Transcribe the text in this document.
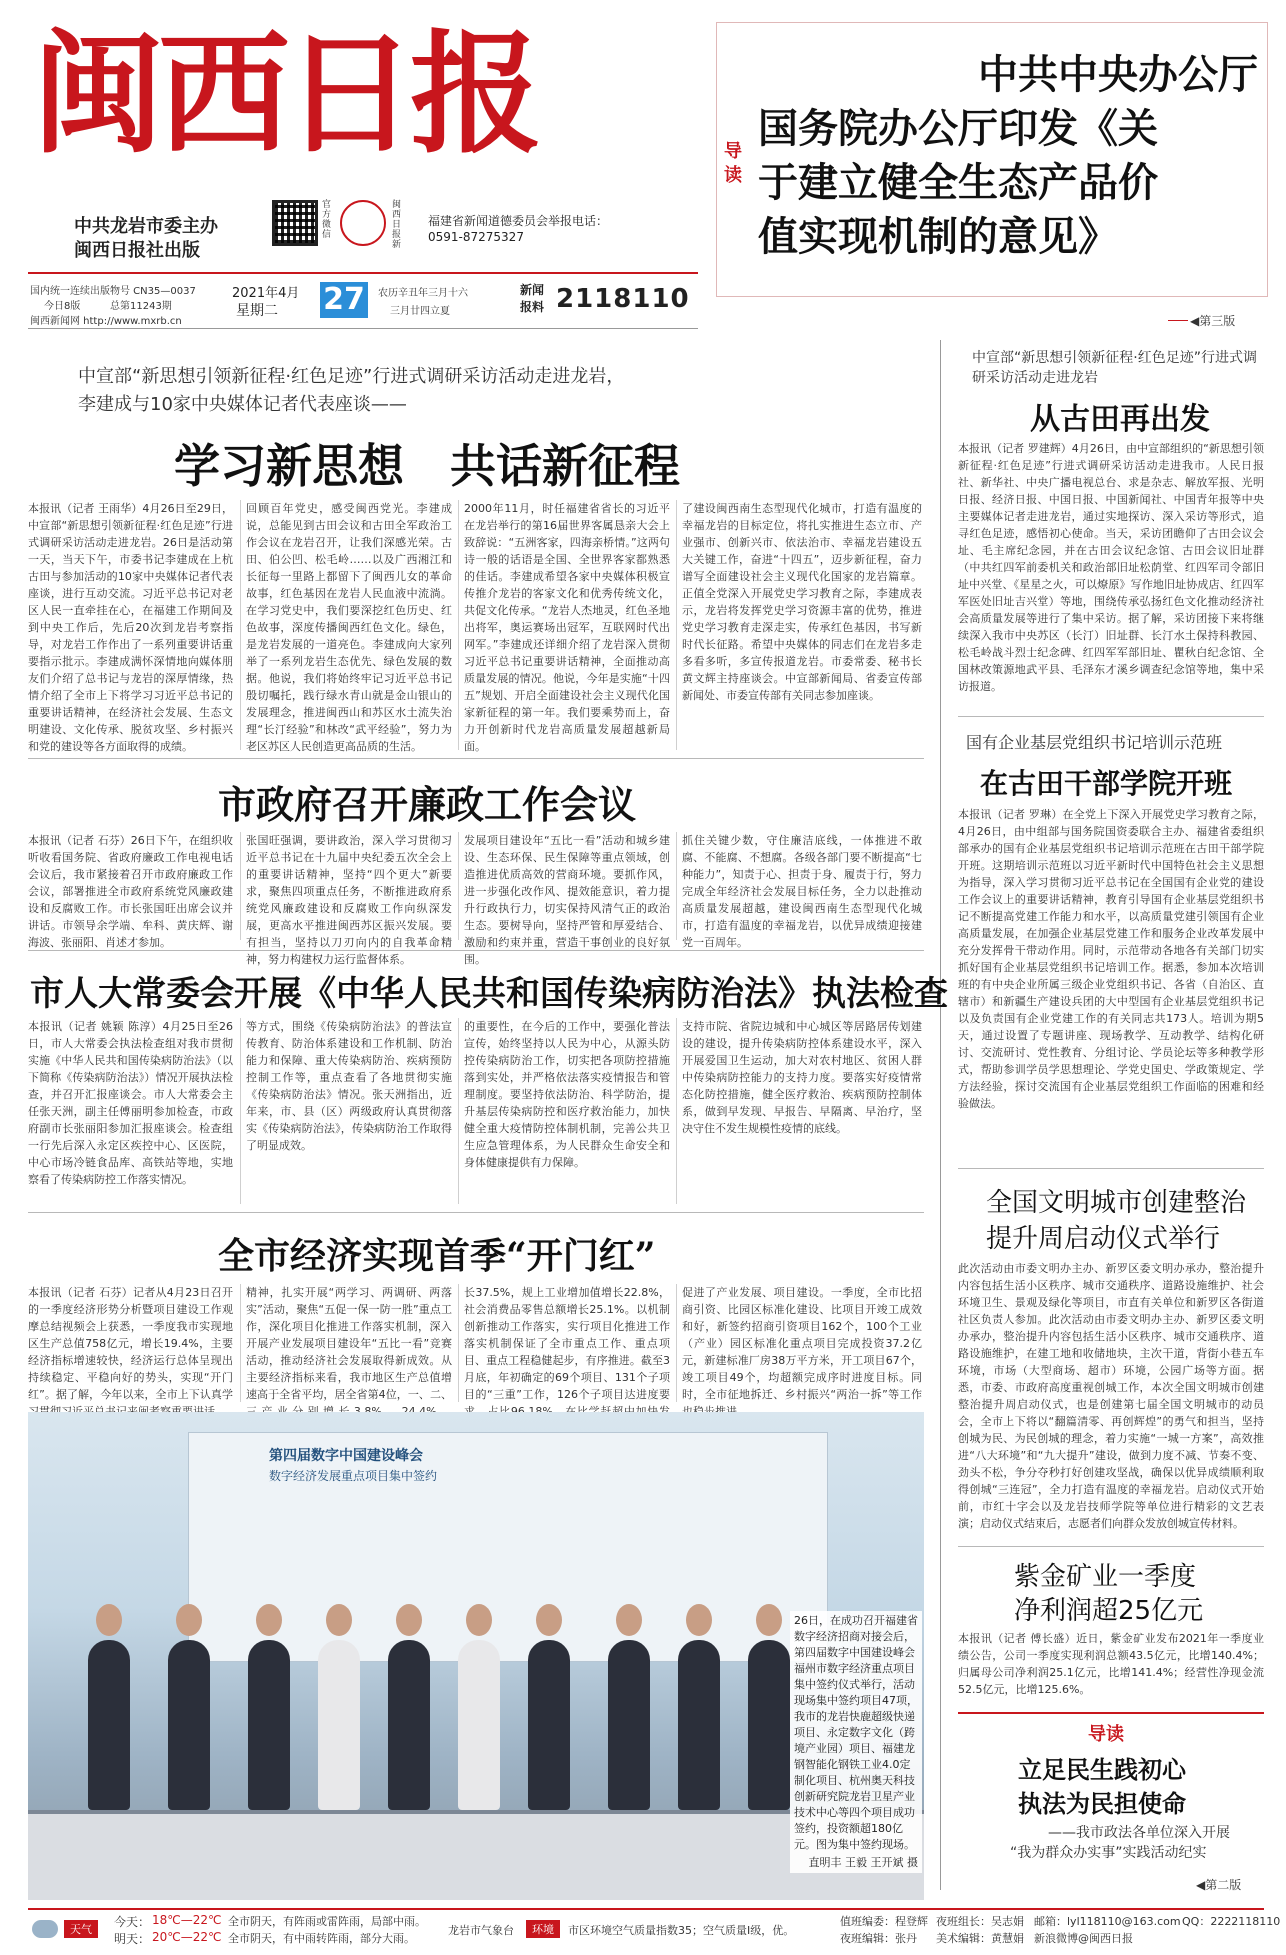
闽西日报
中共龙岩市委主办
闽西日报社出版
官方微信
闽西日报 新
福建省新闻道德委员会举报电话：
0591-87275327
国内统一连续出版物号 CN35—0037
今日8版	总第11243期
闽西新闻网 http://www.mxrb.cn
2021年4月
星期二 27	农历辛丑年三月十六
三月廿四立夏
新闻 报料 2118110
导读
中共中央办公厅
国务院办公厅印发《关
于建立健全生态产品价
值实现机制的意见》
◀第三版
中宣部“新思想引领新征程·红色足迹”行进式调研采访活动走进龙岩，
李建成与10家中央媒体记者代表座谈——
学习新思想　共话新征程
本报讯（记者 王雨华）4月26日至29日，中宣部“新思想引领新征程·红色足迹”行进式调研采访活动走进龙岩。26日是活动第一天，当天下午，市委书记李建成在上杭古田与参加活动的10家中央媒体记者代表座谈，进行互动交流。习近平总书记对老区人民一直牵挂在心，在福建工作期间及到中央工作后，先后20次到龙岩考察指导，对龙岩工作作出了一系列重要讲话重要指示批示。李建成满怀深情地向媒体朋友们介绍了总书记与龙岩的深厚情缘，热情介绍了全市上下将学习习近平总书记的重要讲话精神，在经济社会发展、生态文明建设、文化传承、脱贫攻坚、乡村振兴和党的建设等各方面取得的成绩。
回顾百年党史，感受闽西党光。李建成说，总能见到古田会议和古田全军政治工作会议在龙岩召开，让我们深感光荣。古田、伯公凹、松毛岭……以及广西湘江和长征每一里路上都留下了闽西儿女的革命故事，红色基因在龙岩人民血液中流淌。在学习党史中，我们要深挖红色历史、红色故事，深度传播闽西红色文化。绿色，是龙岩发展的一道亮色。李建成向大家列举了一系列龙岩生态优先、绿色发展的数据。他说，我们将始终牢记习近平总书记殷切嘱托，践行绿水青山就是金山银山的发展理念，推进闽西山和苏区水土流失治理“长汀经验”和林改“武平经验”，努力为老区苏区人民创造更高品质的生活。
2000年11月，时任福建省省长的习近平在龙岩举行的第16届世界客属恳亲大会上致辞说：“五洲客家，四海亲桥情。”这两句诗一般的话语是全国、全世界客家都熟悉的佳话。李建成希望各家中央媒体积极宣传推介龙岩的客家文化和优秀传统文化，共促文化传承。“龙岩人杰地灵，红色圣地出将军，奥运赛场出冠军，互联网时代出网军。”李建成还详细介绍了龙岩深入贯彻习近平总书记重要讲话精神，全面推动高质量发展的情况。他说，今年是实施“十四五”规划、开启全面建设社会主义现代化国家新征程的第一年。我们要乘势而上，奋力开创新时代龙岩高质量发展超越新局面。
了建设闽西南生态型现代化城市，打造有温度的幸福龙岩的目标定位，将扎实推进生态立市、产业强市、创新兴市、依法治市、幸福龙岩建设五大关键工作，奋进“十四五”，迈步新征程，奋力谱写全面建设社会主义现代化国家的龙岩篇章。正值全党深入开展党史学习教育之际，李建成表示，龙岩将发挥党史学习资源丰富的优势，推进党史学习教育走深走实，传承红色基因，书写新时代长征路。希望中央媒体的同志们在龙岩多走多看多听，多宣传报道龙岩。市委常委、秘书长黄文辉主持座谈会。中宣部新闻局、省委宣传部新闻处、市委宣传部有关同志参加座谈。
中宣部“新思想引领新征程·红色足迹”行进式调研采访活动走进龙岩
从古田再出发
本报讯（记者 罗建辉）4月26日，由中宣部组织的“新思想引领新征程·红色足迹”行进式调研采访活动走进我市。人民日报社、新华社、中央广播电视总台、求是杂志、解放军报、光明日报、经济日报、中国日报、中国新闻社、中国青年报等中央主要媒体记者走进龙岩，通过实地探访、深入采访等形式，追寻红色足迹，感悟初心使命。当天，采访团瞻仰了古田会议会址、毛主席纪念园，并在古田会议纪念馆、古田会议旧址群（中共红四军前委机关和政治部旧址松荫堂、红四军司令部旧址中兴堂、《星星之火，可以燎原》写作地旧址协成店、红四军军医处旧址吉兴堂）等地，围绕传承弘扬红色文化推动经济社会高质量发展等进行了集中采访。据了解，采访团接下来将继续深入我市中央苏区（长汀）旧址群、长汀水土保持科教园、松毛岭战斗烈士纪念碑、红四军军部旧址、瞿秋白纪念馆、全国林改策源地武平县、毛泽东才溪乡调查纪念馆等地，集中采访报道。
国有企业基层党组织书记培训示范班
在古田干部学院开班
本报讯（记者 罗琳）在全党上下深入开展党史学习教育之际，4月26日，由中组部与国务院国资委联合主办、福建省委组织部承办的国有企业基层党组织书记培训示范班在古田干部学院开班。这期培训示范班以习近平新时代中国特色社会主义思想为指导，深入学习贯彻习近平总书记在全国国有企业党的建设工作会议上的重要讲话精神，教育引导国有企业基层党组织书记不断提高党建工作能力和水平，以高质量党建引领国有企业高质量发展，在加强企业基层党建工作和服务企业改革发展中充分发挥骨干带动作用。同时，示范带动各地各有关部门切实抓好国有企业基层党组织书记培训工作。据悉，参加本次培训班的有中央企业所属三级企业党组织书记、各省（自治区、直辖市）和新疆生产建设兵团的大中型国有企业基层党组织书记以及负责国有企业党建工作的有关同志共173人。培训为期5天，通过设置了专题讲座、现场教学、互动教学、结构化研讨、交流研讨、党性教育、分组讨论、学员论坛等多种教学形式，帮助参训学员学思想理论、学党史国史、学政策规定、学方法经验，探讨交流国有企业基层党组织工作面临的困难和经验做法。
市政府召开廉政工作会议
本报讯（记者 石芬）26日下午，在组织收听收看国务院、省政府廉政工作电视电话会议后，我市紧接着召开市政府廉政工作会议，部署推进全市政府系统党风廉政建设和反腐败工作。市长张国旺出席会议并讲话。市领导余学端、牟科、黄庆辉、谢海波、张丽阳、肖述才参加。
张国旺强调，要讲政治，深入学习贯彻习近平总书记在十九届中央纪委五次全会上的重要讲话精神，坚持“四个更大”新要求，聚焦四项重点任务，不断推进政府系统党风廉政建设和反腐败工作向纵深发展，更高水平推进闽西苏区振兴发展。要有担当，坚持以刀刃向内的自我革命精神，努力构建权力运行监督体系。
发展项目建设年“五比一看”活动和城乡建设、生态环保、民生保障等重点领域，创造推进优质高效的营商环境。要抓作风，进一步强化改作风、提效能意识，着力提升行政执行力，切实保持风清气正的政治生态。要树导向，坚持严管和厚爱结合、激励和约束并重，营造干事创业的良好氛围。
抓住关键少数，守住廉洁底线，一体推进不敢腐、不能腐、不想腐。各级各部门要不断提高“七种能力”，知责于心、担责于身、履责于行，努力完成全年经济社会发展目标任务，全力以赴推动高质量发展超越，建设闽西南生态型现代化城市，打造有温度的幸福龙岩，以优异成绩迎接建党一百周年。
市人大常委会开展《中华人民共和国传染病防治法》执法检查
本报讯（记者 姚颖 陈淳）4月25日至26日，市人大常委会执法检查组对我市贯彻实施《中华人民共和国传染病防治法》（以下简称《传染病防治法》）情况开展执法检查，并召开汇报座谈会。市人大常委会主任张天洲，副主任傅丽明参加检查，市政府副市长张丽阳参加汇报座谈会。检查组一行先后深入永定区疾控中心、区医院，中心市场冷链食品库、高铁站等地，实地察看了传染病防控工作落实情况。
等方式，围绕《传染病防治法》的普法宣传教育、防治体系建设和工作机制、防治能力和保障、重大传染病防治、疾病预防控制工作等，重点查看了各地贯彻实施《传染病防治法》情况。张天洲指出，近年来，市、县（区）两级政府认真贯彻落实《传染病防治法》，传染病防治工作取得了明显成效。
的重要性，在今后的工作中，要强化普法宣传，始终坚持以人民为中心，从源头防控传染病防治工作，切实把各项防控措施落到实处，并严格依法落实疫情报告和管理制度。要坚持依法防治、科学防治，提升基层传染病防控和医疗救治能力，加快健全重大疫情防控体制机制，完善公共卫生应急管理体系，为人民群众生命安全和身体健康提供有力保障。
支持市院、省院边城和中心城区等居路居传划建设的建设，提升传染病防控体系建设水平，深入开展爱国卫生运动，加大对农村地区、贫困人群中传染病防控能力的支持力度。要落实好疫情常态化防控措施，健全医疗救治、疾病预防控制体系，做到早发现、早报告、早隔离、早治疗，坚决守住不发生规模性疫情的底线。
全市经济实现首季“开门红”
本报讯（记者 石芬）记者从4月23日召开的一季度经济形势分析暨项目建设工作观摩总结视频会上获悉，一季度我市实现地区生产总值758亿元，增长19.4%，主要经济指标增速较快，经济运行总体呈现出持续稳定、平稳向好的势头，实现“开门红”。据了解，今年以来，全市上下认真学
精神，扎实开展“两学习、两调研、两落实”活动，聚焦“五促一保一防一胜”重点工作，深化项目化推进工作落实机制，深入开展产业发展项目建设年“五比一看”竞赛活动，推动经济社会发展取得新成效。从主要经济指标来看，我市地区生产总值增速高于全省平均，居全省第4位，一、二、
长37.5%，规上工业增加值增长22.8%，社会消费品零售总额增长25.1%。以机制创新推动工作落实，实行项目化推进工作落实机制保证了全市重点工作、重点项目、重点工程稳健起步，有序推进。截至3月底，年初确定的69个项目、131个子项目的“三重”工作，126个子项目达进度要
促进了产业发展、项目建设。一季度，全市比招商引资、比园区标准化建设、比项目开竣工成效和好，新签约招商引资项目162个，100个工业（产业）园区标准化重点项目完成投资37.2亿元，新建标准厂房38万平方米，开工项目67个，竣工项目49个，均超额完成序时进度目标。同时，全市征地拆迁、乡村振兴“两治一拆”等工作
第四届数字中国建设峰会
数字经济发展重点项目集中签约
26日，在成功召开福建省数字经济招商对接会后，第四届数字中国建设峰会福州市数字经济重点项目集中签约仪式举行，活动现场集中签约项目47项，我市的龙岩快鹿超级快递项目、永定数字文化（跨境产业园）项目、福建龙钢智能化钢铁工业4.0定制化项目、杭州奥天科技创新研究院龙岩卫星产业技术中心等四个项目成功签约，投资额超180亿元。图为集中签约现场。
直明丰 王毅 王开斌 摄
全国文明城市创建整治
提升周启动仪式举行
此次活动由市委文明办主办、新罗区委文明办承办，整治提升内容包括生活小区秩序、城市交通秩序、道路设施维护、社会环境卫生、景观及绿化等项目，市直有关单位和新罗区各街道社区负责人参加。此次活动由市委文明办主办、新罗区委文明办承办，整治提升内容包括生活小区秩序、城市交通秩序、道路设施维护，在建工地和收储地块，主次干道，背街小巷五车环境，市场（大型商场、超市）环境，公园广场等方面。据悉，市委、市政府高度重视创城工作，本次全国文明城市创建整治提升周启动仪式，也是创建第七届全国文明城市的动员会，全市上下将以“翻篇清零、再创辉煌”的勇气和担当，坚持创城为民、为民创城的理念，着力实施“一城一方案”，高效推进“八大环境”和“九大提升”建设，做到力度不减、节奏不变、劲头不松，争分夺秒打好创建攻坚战，确保以优异成绩顺利取得创城“三连冠”，全力打造有温度的幸福龙岩。启动仪式开始前，市红十字会以及龙岩技师学院等单位进行精彩的文艺表演；启动仪式结束后，志愿者们向群众发放创城宣传材料。
紫金矿业一季度
净利润超25亿元
本报讯（记者 傅长盛）近日，紫金矿业发布2021年一季度业绩公告，公司一季度实现利润总额43.5亿元，比增140.4%；归属母公司净利润25.1亿元，比增141.4%；经营性净现金流52.5亿元，比增125.6%。
导读
立足民生践初心
执法为民担使命
——我市政法各单位深入开展
“我为群众办实事”实践活动纪实
◀第二版
天气
今天： 18℃—22℃ 全市阴天，有阵雨或雷阵雨，局部中雨。
明天： 20℃—22℃ 全市阴天，有中雨转阵雨，部分大雨。
龙岩市气象台	环境	市区环境空气质量指数35；空气质量I级，优。
值班编委：程登辉
夜班编辑：张丹
夜班组长：吴志娟
美术编辑：黄慧娟
邮箱：lyl118110@163.com QQ：2222118110
新浪微博@闽西日报
